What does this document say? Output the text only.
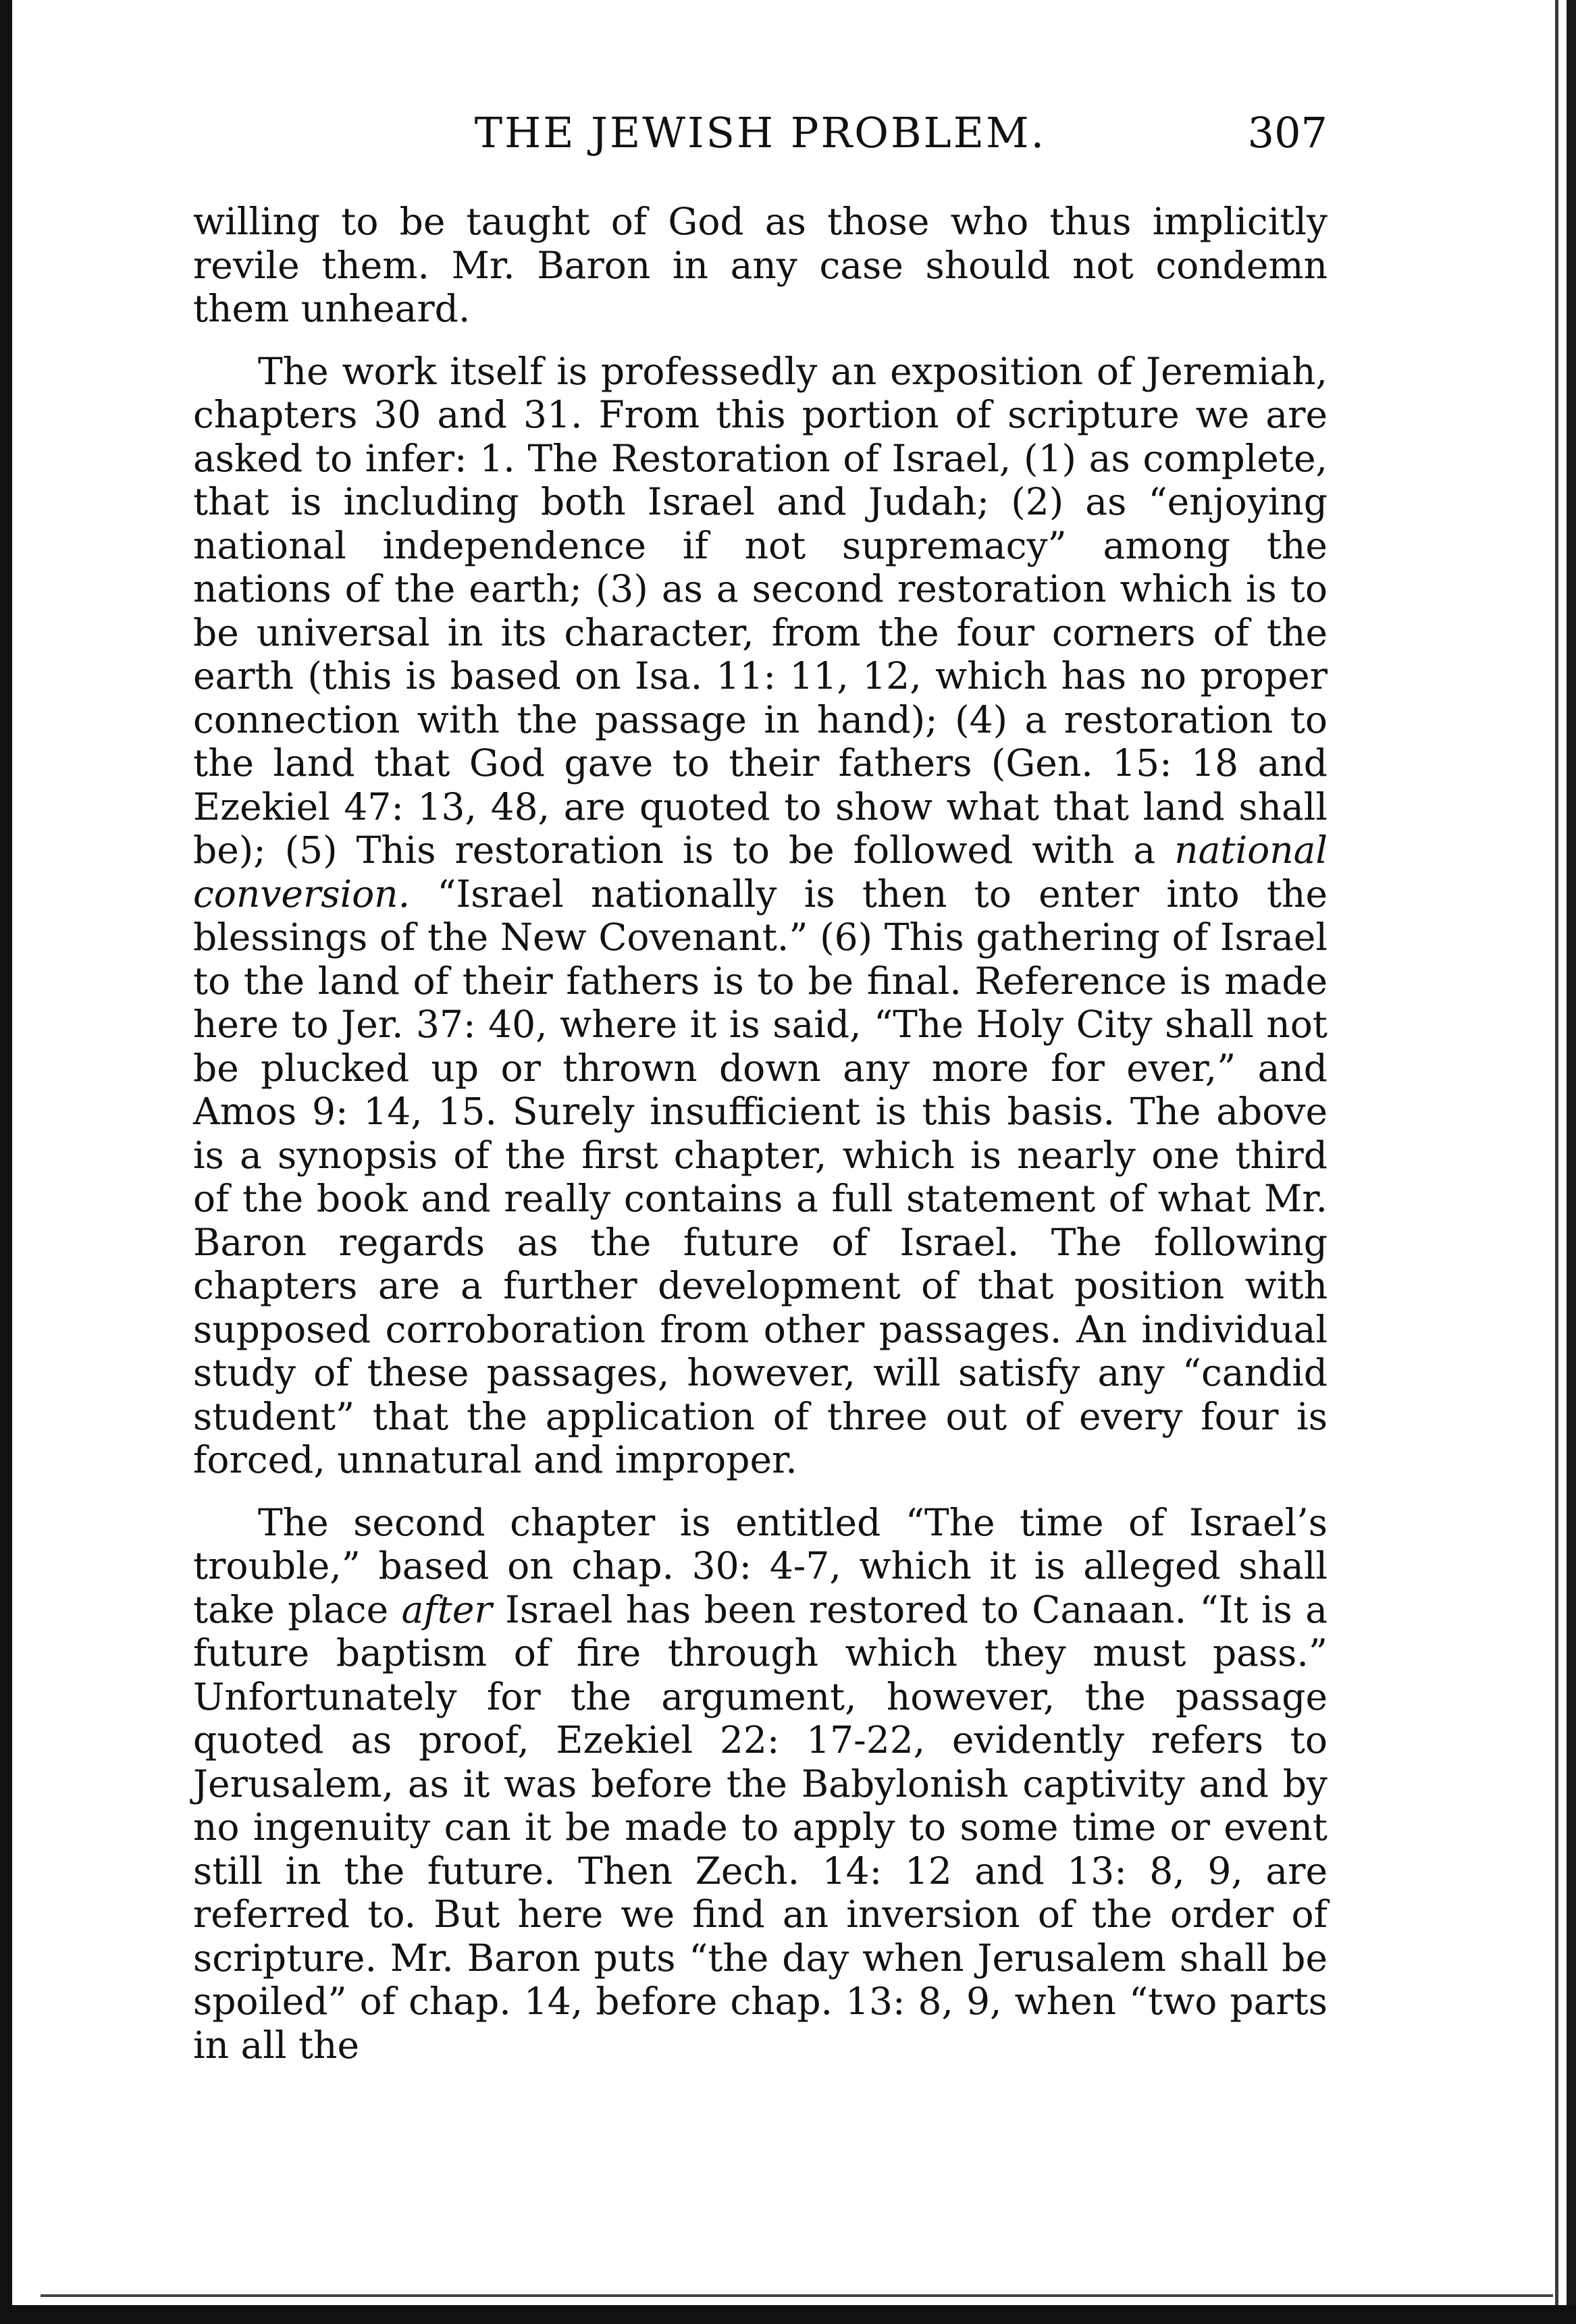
THE JEWISH PROBLEM.	307

willing to be taught of God as those who thus implicitly revile them. Mr. Baron in any case should not condemn them unheard.

The work itself is professedly an exposition of Jeremiah, chapters 30 and 31. From this portion of scripture we are asked to infer: 1. The Restoration of Israel, (1) as complete, that is including both Israel and Judah; (2) as “enjoying national independence if not supremacy” among the nations of the earth; (3) as a second restoration which is to be universal in its character, from the four corners of the earth (this is based on Isa. 11: 11, 12, which has no proper connection with the passage in hand); (4) a restoration to the land that God gave to their fathers (Gen. 15: 18 and Ezekiel 47: 13, 48, are quoted to show what that land shall be); (5) This restoration is to be followed with a national conversion. “Israel nationally is then to enter into the blessings of the New Covenant.” (6) This gathering of Israel to the land of their fathers is to be final. Reference is made here to Jer. 37: 40, where it is said, “The Holy City shall not be plucked up or thrown down any more for ever,” and Amos 9: 14, 15. Surely insufficient is this basis. The above is a synopsis of the first chapter, which is nearly one third of the book and really contains a full statement of what Mr. Baron regards as the future of Israel. The following chapters are a further development of that position with supposed corroboration from other passages. An individual study of these passages, however, will satisfy any “candid student” that the application of three out of every four is forced, unnatural and improper.

The second chapter is entitled “The time of Israel’s trouble,” based on chap. 30: 4-7, which it is alleged shall take place after Israel has been restored to Canaan. “It is a future baptism of fire through which they must pass.” Unfortunately for the argument, however, the passage quoted as proof, Ezekiel 22: 17-22, evidently refers to Jerusalem, as it was before the Babylonish captivity and by no ingenuity can it be made to apply to some time or event still in the future. Then Zech. 14: 12 and 13: 8, 9, are referred to. But here we find an inversion of the order of scripture. Mr. Baron puts “the day when Jerusalem shall be spoiled” of chap. 14, before chap. 13: 8, 9, when “two parts in all the
